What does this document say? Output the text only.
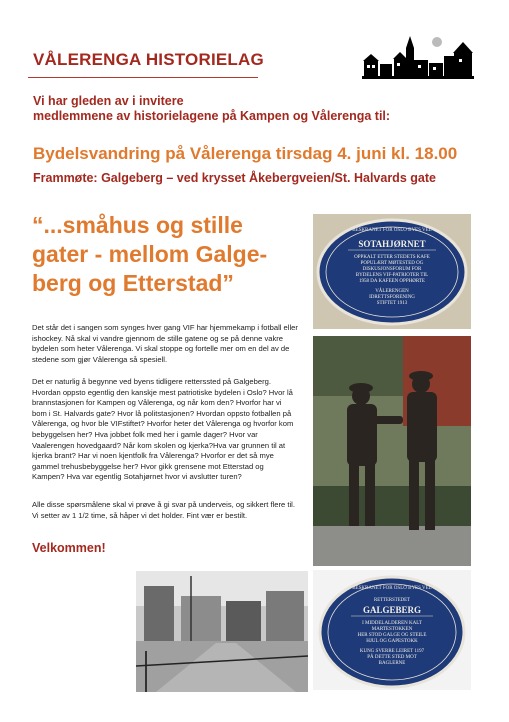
VÅLERENGA HISTORIELAG
Vi har gleden av i invitere
medlemmene av historielagene på Kampen og Vålerenga til:
Bydelsvandring på Vålerenga tirsdag 4. juni kl. 18.00
Frammøte: Galgeberg – ved krysset Åkebergveien/St. Halvards gate
“...småhus og stille
gater - mellom Galge-
berg og Etterstad”
Det står det i sangen som synges hver gang VIF har hjemmekamp i fotball eller ishockey. Nå skal vi vandre gjennom de stille gatene og se på denne vakre bydelen som heter Vålerenga. Vi skal stoppe og fortelle mer om en del av de stedene som gjør Vålerenga så spesiell.
Det er naturlig å begynne ved byens tidligere retterssted på Galgeberg. Hvordan oppsto egentlig den kanskje mest patriotiske bydelen i Oslo? Hvor lå brannstasjonen for Kampen og Vålerenga, og når kom den? Hvorfor har vi bom i St. Halvards gate? Hvor lå politstasjonen? Hvordan oppsto fotballen på Vålerenga, og hvor ble VIFstiftet? Hvorfor heter det Vålerenga og hvorfor kom bebyggelsen her? Hva jobbet folk med her i gamle dager? Hvor var Vaalerengen hovedgaard? Når kom skolen og kjerka?Hva var grunnen til at kjerka brant? Har vi noen kjentfolk fra Vålerenga? Hvorfor er det så mye gammel trehusbebyggelse her? Hvor gikk grensene mot Etterstad og Kampen? Hva var egentlig Sotahjørnet hvor vi avslutter turen?
Alle disse spørsmålene skal vi prøve å gi svar på underveis, og sikkert flere til. Vi setter av 1 1/2 time, så håper vi det holder. Fint vær er bestilt.
Velkommen!
BESKRANET FOR OSLO BYES VEL
SOTAHJØRNET
OPPKALT ETTER STEDETS KAFE
POPULÆRT MØTESTED OG
DISKUSJONSFORUM FOR
BYDELENS VIF-PATRIOTER TIL
1958 DA KAFEEN OPPHØRTE
VÅLERENGEN
IDRETTSFORENING
STIFTET 1913
BESKRANET FOR OSLO BYES VEL
RETTERSTEDET
GALGEBERG
I MIDDELALDEREN KALT
MARTESTOKKEN
HER STOD GALGE OG STEILE
HJUL OG GAPESTOKK
KUNG SVERRE LEIRET 1197
PÅ DETTE STED MOT
BAGLERNE
